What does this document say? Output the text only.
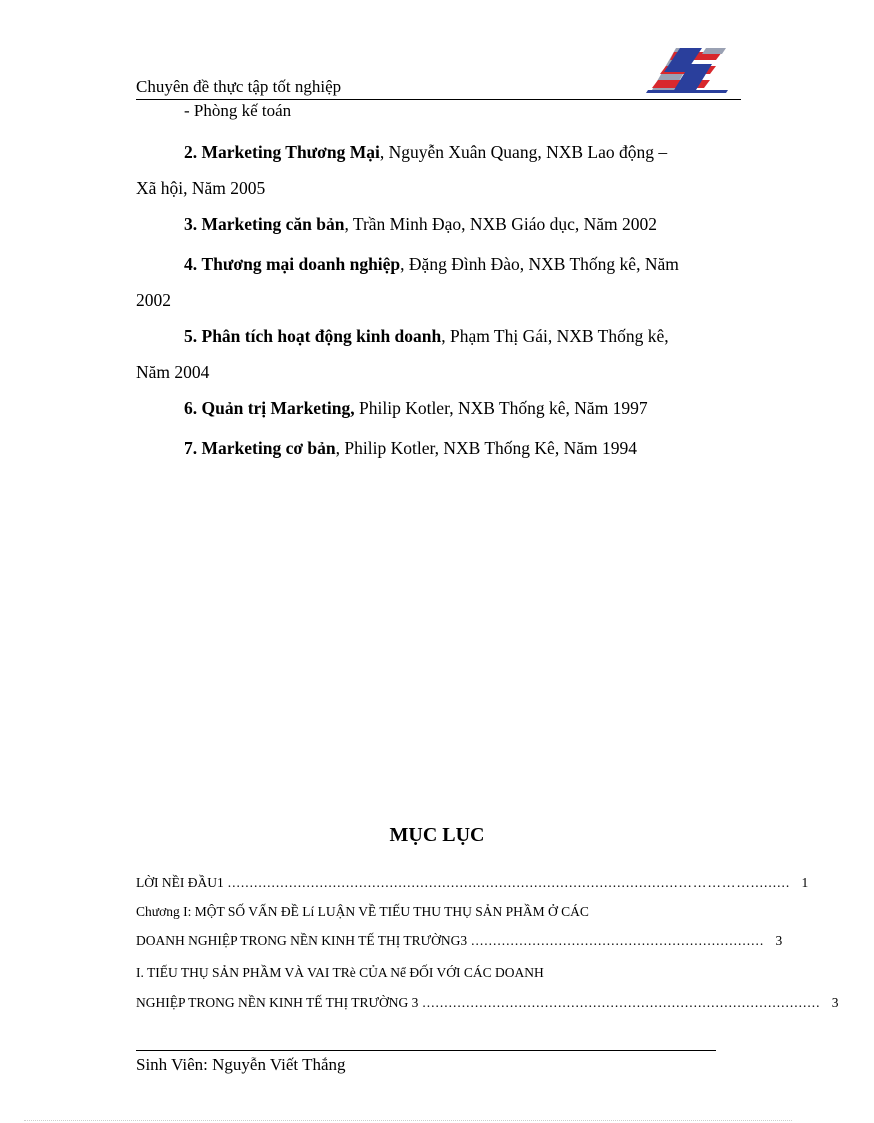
Chuyên đề thực tập tốt nghiệp
- Phòng kế toán
2. Marketing Thương Mại, Nguyễn Xuân Quang, NXB Lao động –
Xã hội, Năm 2005
3. Marketing căn bản, Trần Minh Đạo, NXB Giáo dục, Năm 2002
4. Thương mại doanh nghiệp, Đặng Đình Đào, NXB Thống kê, Năm
2002
5. Phân tích hoạt động kinh doanh, Phạm Thị Gái, NXB Thống kê,
Năm 2004
6. Quản trị Marketing, Philip Kotler, NXB Thống kê, Năm 1997
7. Marketing cơ bản, Philip Kotler, NXB Thống Kê, Năm 1994
MỤC LỤC
LỜI NỀI ĐẦU1 .......................................................................................................……………......... 1
Chương I: MỘT SỐ VẤN ĐỀ Lí LUẬN VỀ TIẾU THU THỤ SẢN PHẦM Ở CÁC
DOANH NGHIỆP TRONG NỀN KINH TẾ THỊ TRƯỜNG3 ................................................................... 3
I. TIẾU THỤ SẢN PHẦM VÀ VAI TRè CỦA Nể ĐỐI VỚI CÁC DOANH
NGHIỆP TRONG NỀN KINH TẾ THỊ TRƯỜNG 3 ........................................................................................... 3
Sinh Viên: Nguyễn Viết Thắng
